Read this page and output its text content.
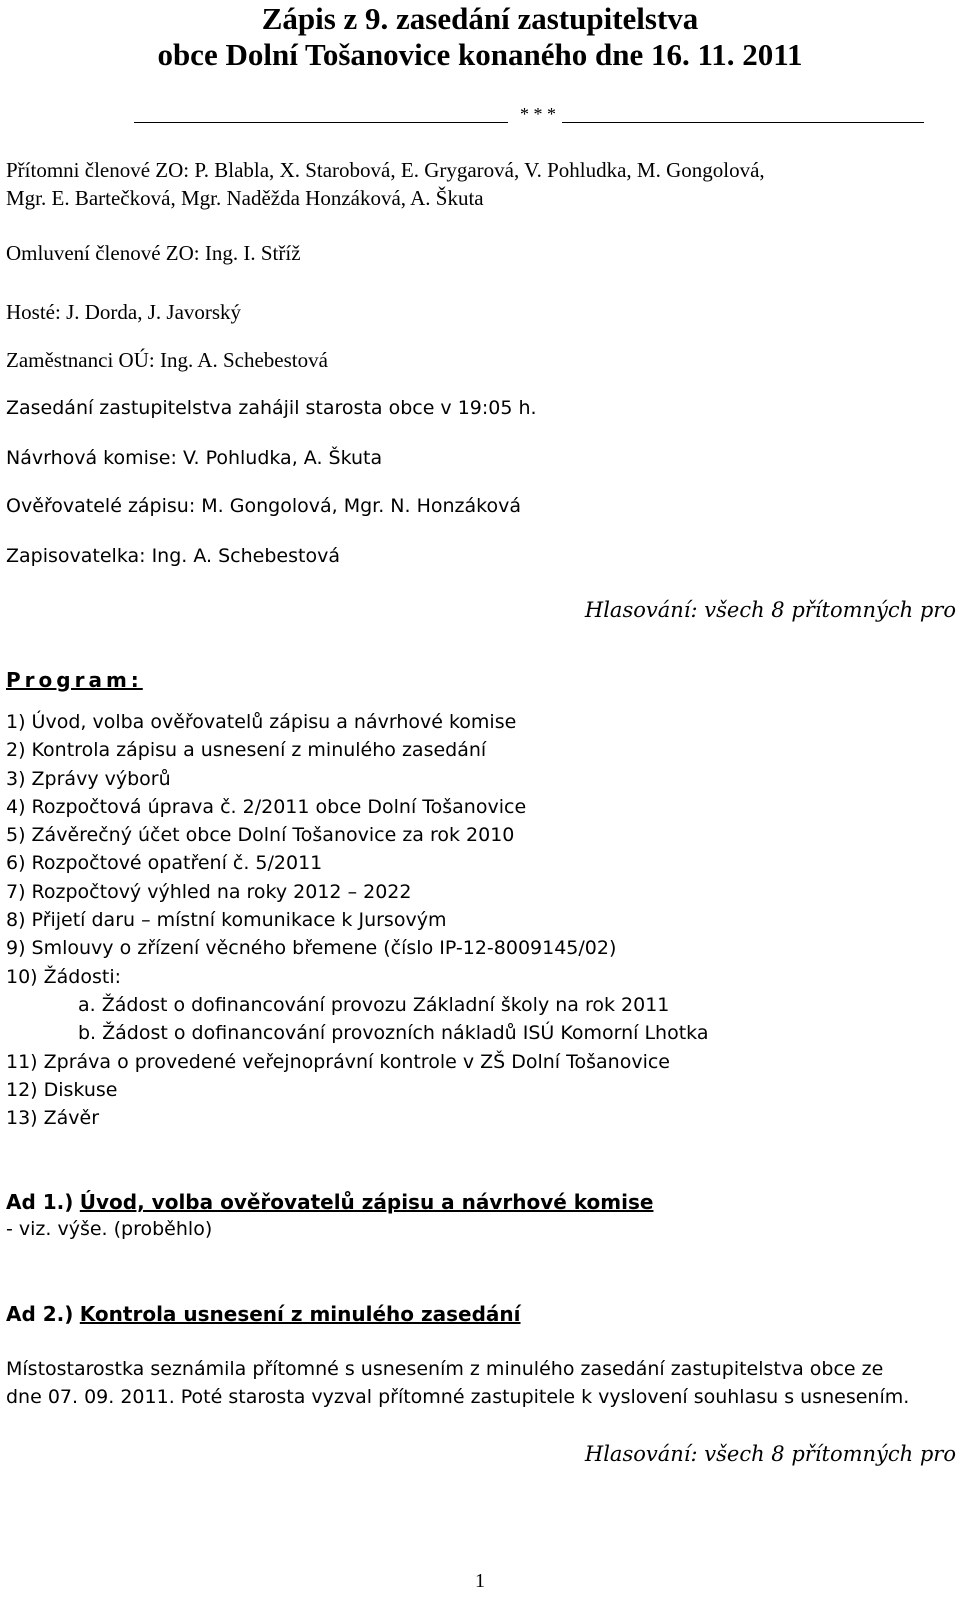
Zápis z 9. zasedání zastupitelstva
obce Dolní Tošanovice konaného dne 16. 11. 2011
* * *
Přítomni členové ZO: P. Blabla, X. Starobová, E. Grygarová, V. Pohludka, M. Gongolová,
Mgr. E. Bartečková, Mgr. Naděžda Honzáková, A. Škuta
Omluvení členové ZO: Ing. I. Stříž
Hosté: J. Dorda, J. Javorský
Zaměstnanci OÚ: Ing. A. Schebestová
Zasedání zastupitelstva zahájil starosta obce v 19:05 h.
Návrhová komise: V. Pohludka, A. Škuta
Ověřovatelé zápisu: M. Gongolová, Mgr. N. Honzáková
Zapisovatelka: Ing. A. Schebestová
Hlasování: všech 8 přítomných pro
Program:
1) Úvod, volba ověřovatelů zápisu a návrhové komise
2) Kontrola zápisu a usnesení z minulého zasedání
3) Zprávy výborů
4) Rozpočtová úprava č. 2/2011 obce Dolní Tošanovice
5) Závěrečný účet obce Dolní Tošanovice za rok 2010
6) Rozpočtové opatření č. 5/2011
7) Rozpočtový výhled na roky 2012 – 2022
8) Přijetí daru – místní komunikace k Jursovým
9) Smlouvy o zřízení věcného břemene (číslo IP-12-8009145/02)
10) Žádosti:
a. Žádost o dofinancování provozu Základní školy na rok 2011
b. Žádost o dofinancování provozních nákladů ISÚ Komorní Lhotka
11) Zpráva o provedené veřejnoprávní kontrole v ZŠ Dolní Tošanovice
12) Diskuse
13) Závěr
Ad 1.) Úvod, volba ověřovatelů zápisu a návrhové komise
- viz. výše. (proběhlo)
Ad 2.) Kontrola usnesení z minulého zasedání
Místostarostka seznámila přítomné s usnesením z minulého zasedání zastupitelstva obce ze
dne 07. 09. 2011. Poté starosta vyzval přítomné zastupitele k vyslovení souhlasu s usnesením.
Hlasování: všech 8 přítomných pro
1
